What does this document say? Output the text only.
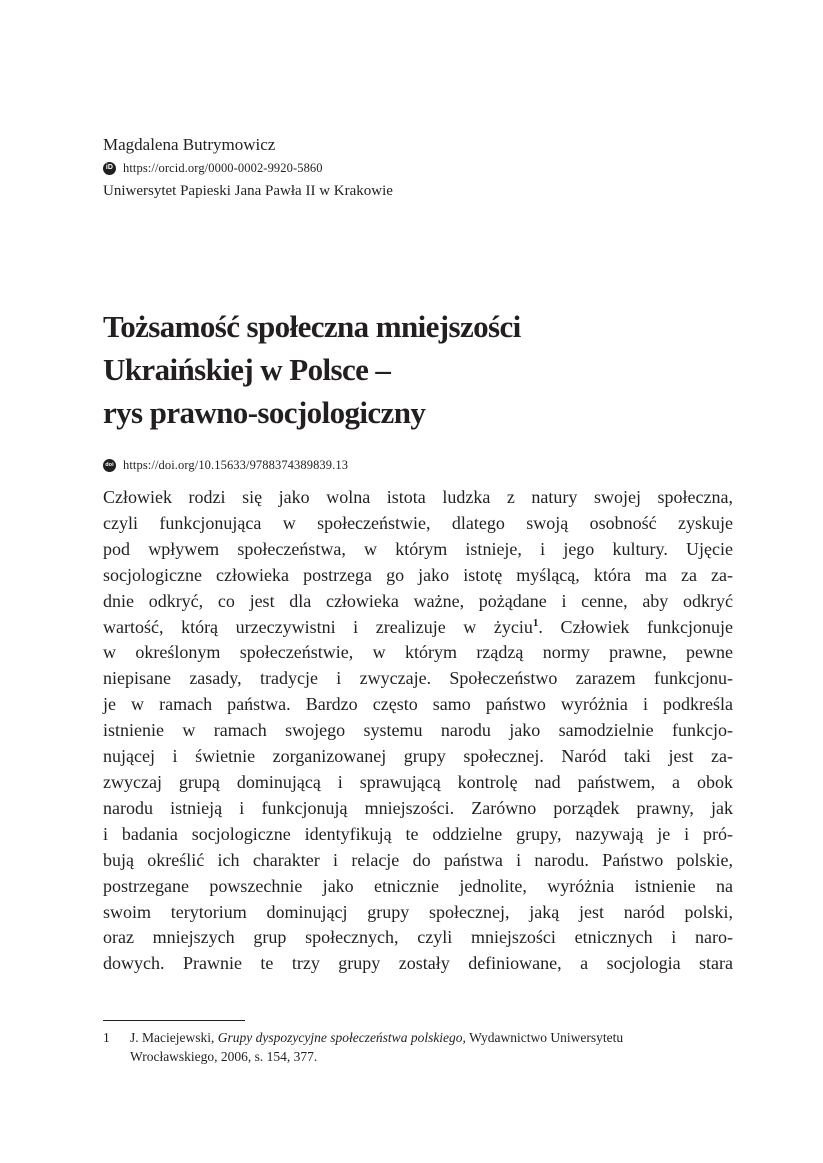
Magdalena Butrymowicz

iD https://orcid.org/0000-0002-9920-5860

Uniwersytet Papieski Jana Pawła II w Krakowie

Tożsamość społeczna mniejszości
Ukraińskiej w Polsce –
rys prawno-socjologiczny
doi https://doi.org/10.15633/9788374389839.13
Człowiek rodzi się jako wolna istota ludzka z natury swojej społeczna,
czyli funkcjonująca w społeczeństwie, dlatego swoją osobność zyskuje
pod wpływem społeczeństwa, w którym istnieje, i jego kultury. Ujęcie
socjologiczne człowieka postrzega go jako istotę myślącą, która ma za za-
dnie odkryć, co jest dla człowieka ważne, pożądane i cenne, aby odkryć
wartość, którą urzeczywistni i zrealizuje w życiu$^1$. Człowiek funkcjonuje
w określonym społeczeństwie, w którym rządzą normy prawne, pewne
niepisane zasady, tradycje i zwyczaje. Społeczeństwo zarazem funkcjonu-
je w ramach państwa. Bardzo często samo państwo wyróżnia i podkreśla
istnienie w ramach swojego systemu narodu jako samodzielnie funkcjo-
nującej i świetnie zorganizowanej grupy społecznej. Naród taki jest za-
zwyczaj grupą dominującą i sprawującą kontrolę nad państwem, a obok
narodu istnieją i funkcjonują mniejszości. Zarówno porządek prawny, jak
i badania socjologiczne identyfikują te oddzielne grupy, nazywają je i pró-
bują określić ich charakter i relacje do państwa i narodu. Państwo polskie,
postrzegane powszechnie jako etnicznie jednolite, wyróżnia istnienie na
swoim terytorium dominującj grupy społecznej, jaką jest naród polski,
oraz mniejszych grup społecznych, czyli mniejszości etnicznych i naro-
dowych. Prawnie te trzy grupy zostały definiowane, a socjologia stara
1	J. Maciejewski, Grupy dyspozycyjne społeczeństwa polskiego, Wydawnictwo Uniwersytetu
Wrocławskiego, 2006, s. 154, 377.
